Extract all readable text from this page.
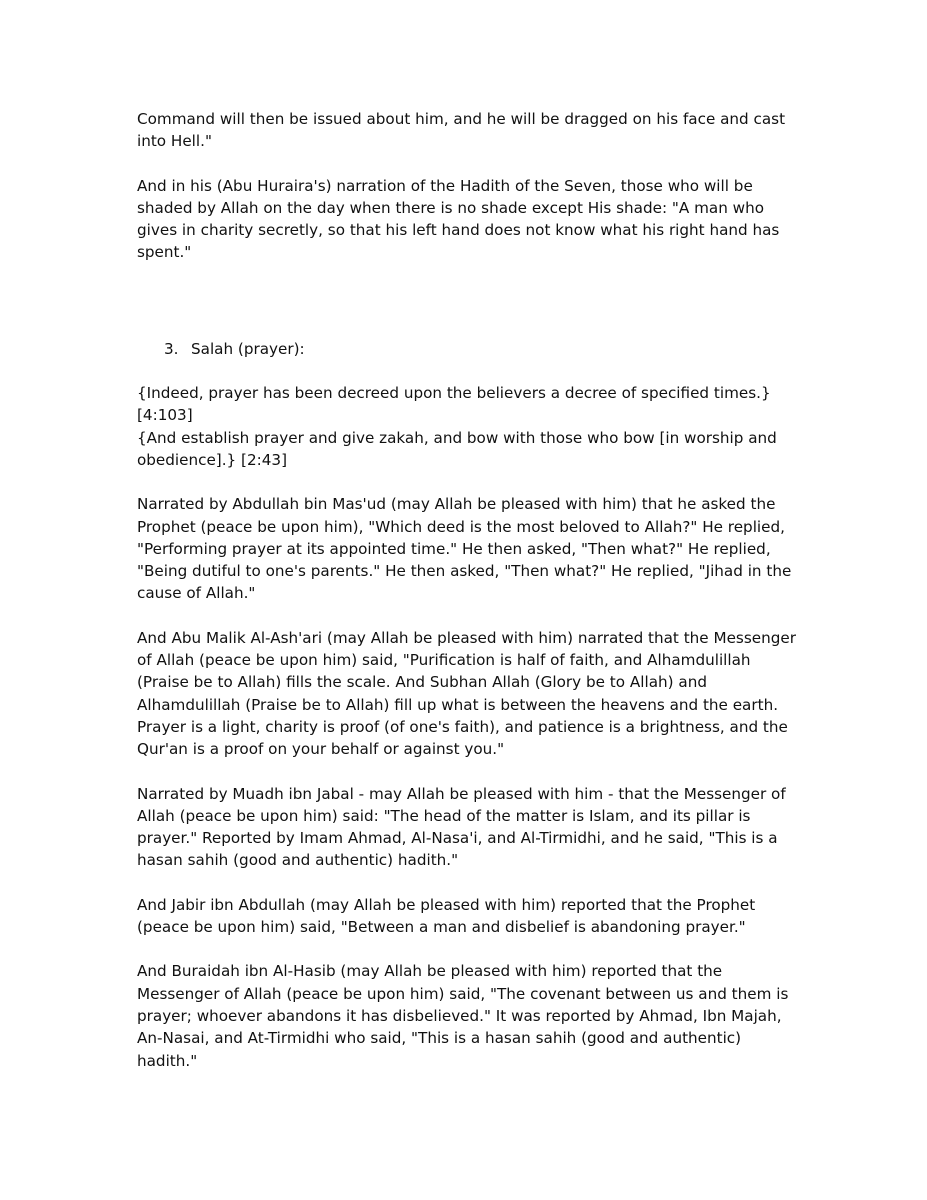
Command will then be issued about him, and he will be dragged on his face and cast into Hell."

And in his (Abu Huraira's) narration of the Hadith of the Seven, those who will be shaded by Allah on the day when there is no shade except His shade: "A man who gives in charity secretly, so that his left hand does not know what his right hand has spent."

3. Salah (prayer):
{Indeed, prayer has been decreed upon the believers a decree of specified times.} [4:103]
{And establish prayer and give zakah, and bow with those who bow [in worship and obedience].} [2:43]

Narrated by Abdullah bin Mas'ud (may Allah be pleased with him) that he asked the Prophet (peace be upon him), "Which deed is the most beloved to Allah?" He replied, "Performing prayer at its appointed time." He then asked, "Then what?" He replied, "Being dutiful to one's parents." He then asked, "Then what?" He replied, "Jihad in the cause of Allah."

And Abu Malik Al-Ash'ari (may Allah be pleased with him) narrated that the Messenger of Allah (peace be upon him) said, "Purification is half of faith, and Alhamdulillah (Praise be to Allah) fills the scale. And Subhan Allah (Glory be to Allah) and Alhamdulillah (Praise be to Allah) fill up what is between the heavens and the earth. Prayer is a light, charity is proof (of one's faith), and patience is a brightness, and the Qur'an is a proof on your behalf or against you."

Narrated by Muadh ibn Jabal - may Allah be pleased with him - that the Messenger of Allah (peace be upon him) said: "The head of the matter is Islam, and its pillar is prayer." Reported by Imam Ahmad, Al-Nasa'i, and Al-Tirmidhi, and he said, "This is a hasan sahih (good and authentic) hadith."

And Jabir ibn Abdullah (may Allah be pleased with him) reported that the Prophet (peace be upon him) said, "Between a man and disbelief is abandoning prayer."

And Buraidah ibn Al-Hasib (may Allah be pleased with him) reported that the Messenger of Allah (peace be upon him) said, "The covenant between us and them is prayer; whoever abandons it has disbelieved." It was reported by Ahmad, Ibn Majah, An-Nasai, and At-Tirmidhi who said, "This is a hasan sahih (good and authentic) hadith."
